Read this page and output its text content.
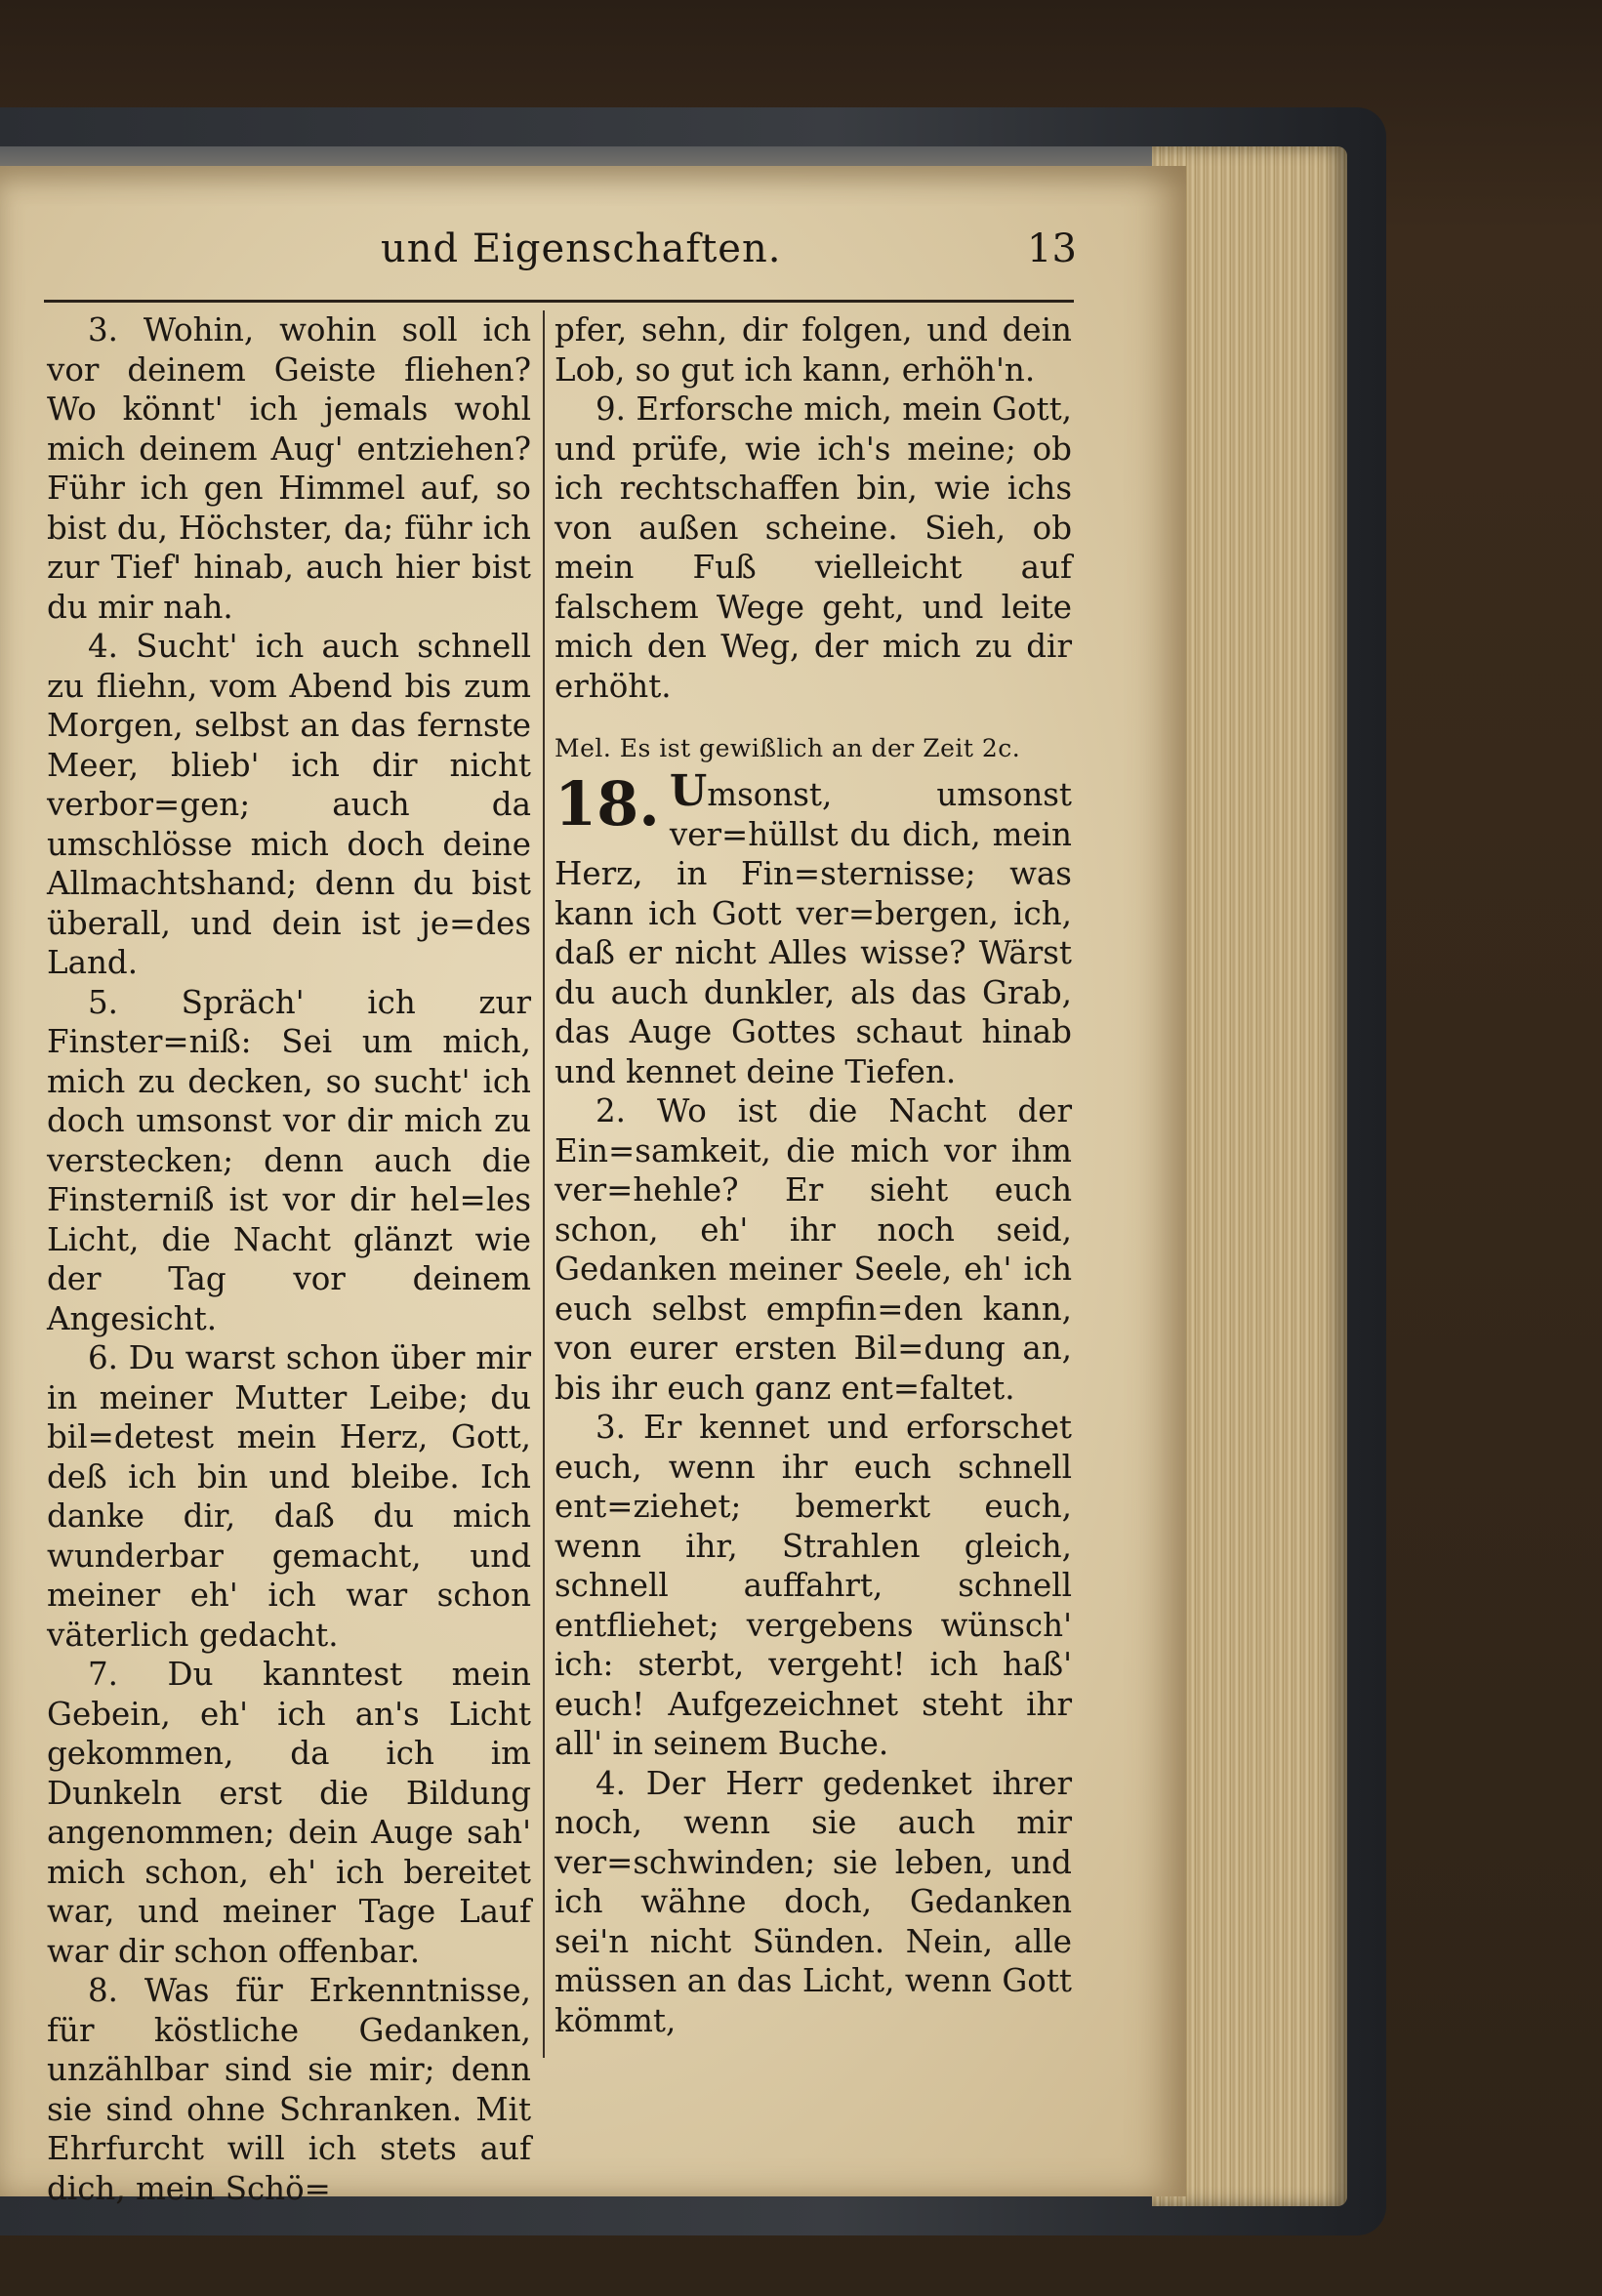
und Eigenschaften.	13

3. Wohin, wohin soll ich vor deinem Geiste fliehen? Wo könnt' ich jemals wohl mich deinem Aug' entziehen? Führ ich gen Himmel auf, so bist du, Höchster, da; führ ich zur Tief' hinab, auch hier bist du mir nah.

4. Sucht' ich auch schnell zu fliehn, vom Abend bis zum Morgen, selbst an das fernste Meer, blieb' ich dir nicht verbor=gen; auch da umschlösse mich doch deine Allmachtshand; denn du bist überall, und dein ist je=des Land.

5. Spräch' ich zur Finster=niß: Sei um mich, mich zu decken, so sucht' ich doch umsonst vor dir mich zu verstecken; denn auch die Finsterniß ist vor dir hel=les Licht, die Nacht glänzt wie der Tag vor deinem Angesicht.

6. Du warst schon über mir in meiner Mutter Leibe; du bil=detest mein Herz, Gott, deß ich bin und bleibe. Ich danke dir, daß du mich wunderbar gemacht, und meiner eh' ich war schon väterlich gedacht.

7. Du kanntest mein Gebein, eh' ich an's Licht gekommen, da ich im Dunkeln erst die Bildung angenommen; dein Auge sah' mich schon, eh' ich bereitet war, und meiner Tage Lauf war dir schon offenbar.

8. Was für Erkenntnisse, für köstliche Gedanken, unzählbar sind sie mir; denn sie sind ohne Schranken. Mit Ehrfurcht will ich stets auf dich, mein Schö=

pfer, sehn, dir folgen, und dein Lob, so gut ich kann, erhöh'n.

9. Erforsche mich, mein Gott, und prüfe, wie ich's meine; ob ich rechtschaffen bin, wie ichs von außen scheine. Sieh, ob mein Fuß vielleicht auf falschem Wege geht, und leite mich den Weg, der mich zu dir erhöht.

Mel. Es ist gewißlich an der Zeit 2c.

18. Umsonst, umsonst ver=hüllst du dich, mein Herz, in Fin=sternisse; was kann ich Gott ver=bergen, ich, daß er nicht Alles wisse? Wärst du auch dunkler, als das Grab, das Auge Gottes schaut hinab und kennet deine Tiefen.

2. Wo ist die Nacht der Ein=samkeit, die mich vor ihm ver=hehle? Er sieht euch schon, eh' ihr noch seid, Gedanken meiner Seele, eh' ich euch selbst empfin=den kann, von eurer ersten Bil=dung an, bis ihr euch ganz ent=faltet.

3. Er kennet und erforschet euch, wenn ihr euch schnell ent=ziehet; bemerkt euch, wenn ihr, Strahlen gleich, schnell auffahrt, schnell entfliehet; vergebens wünsch' ich: sterbt, vergeht! ich haß' euch! Aufgezeichnet steht ihr all' in seinem Buche.

4. Der Herr gedenket ihrer noch, wenn sie auch mir ver=schwinden; sie leben, und ich wähne doch, Gedanken sei'n nicht Sünden. Nein, alle müssen an das Licht, wenn Gott kömmt,
